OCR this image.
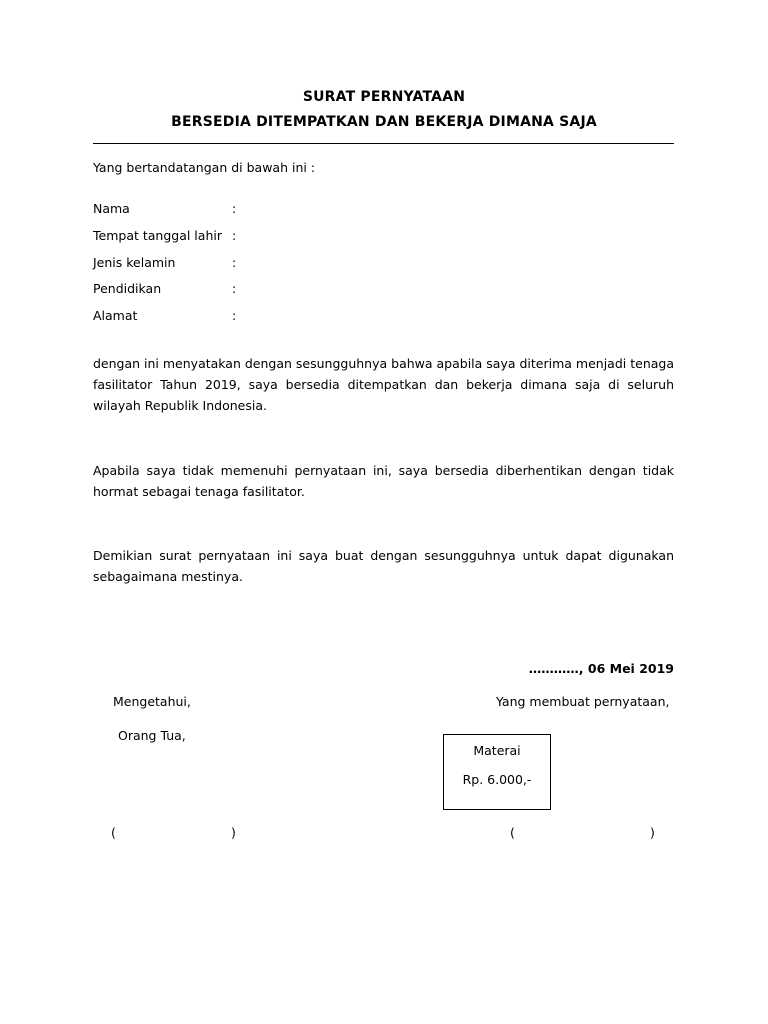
SURAT PERNYATAAN
BERSEDIA DITEMPATKAN DAN BEKERJA DIMANA SAJA
Yang bertandatangan di bawah ini :
Nama	:
Tempat tanggal lahir :
Jenis kelamin	:
Pendidikan	:
Alamat	:
dengan ini menyatakan dengan sesungguhnya bahwa apabila saya diterima menjadi tenaga fasilitator Tahun 2019, saya bersedia ditempatkan dan bekerja dimana saja di seluruh wilayah Republik Indonesia.
Apabila saya tidak memenuhi pernyataan ini, saya bersedia diberhentikan dengan tidak hormat sebagai tenaga fasilitator.
Demikian surat pernyataan ini saya buat dengan sesungguhnya untuk dapat digunakan sebagaimana mestinya.
…………, 06 Mei 2019
Mengetahui,	Yang membuat pernyataan,
Orang Tua,
Materai
Rp. 6.000,-
(	)	(	)
